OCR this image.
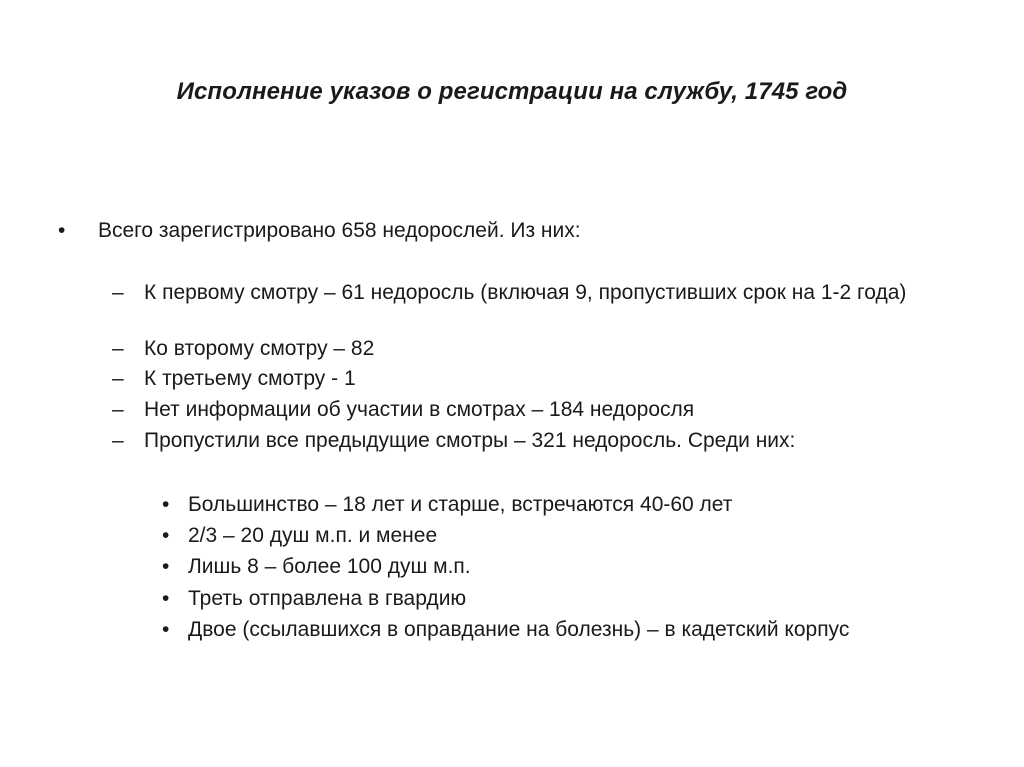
Исполнение указов о регистрации на службу, 1745 год
• Всего зарегистрировано 658 недорослей. Из них:
– К первому смотру – 61 недоросль (включая 9, пропустивших срок на 1-2 года)
– Ко второму смотру – 82
– К третьему смотру - 1
– Нет информации об участии в смотрах – 184 недоросля
– Пропустили все предыдущие смотры – 321 недоросль. Среди них:
• Большинство – 18 лет и старше, встречаются 40-60 лет
• 2/3 – 20 душ м.п. и менее
• Лишь 8 – более 100 душ м.п.
• Треть отправлена в гвардию
• Двое (ссылавшихся в оправдание на болезнь) – в кадетский корпус
